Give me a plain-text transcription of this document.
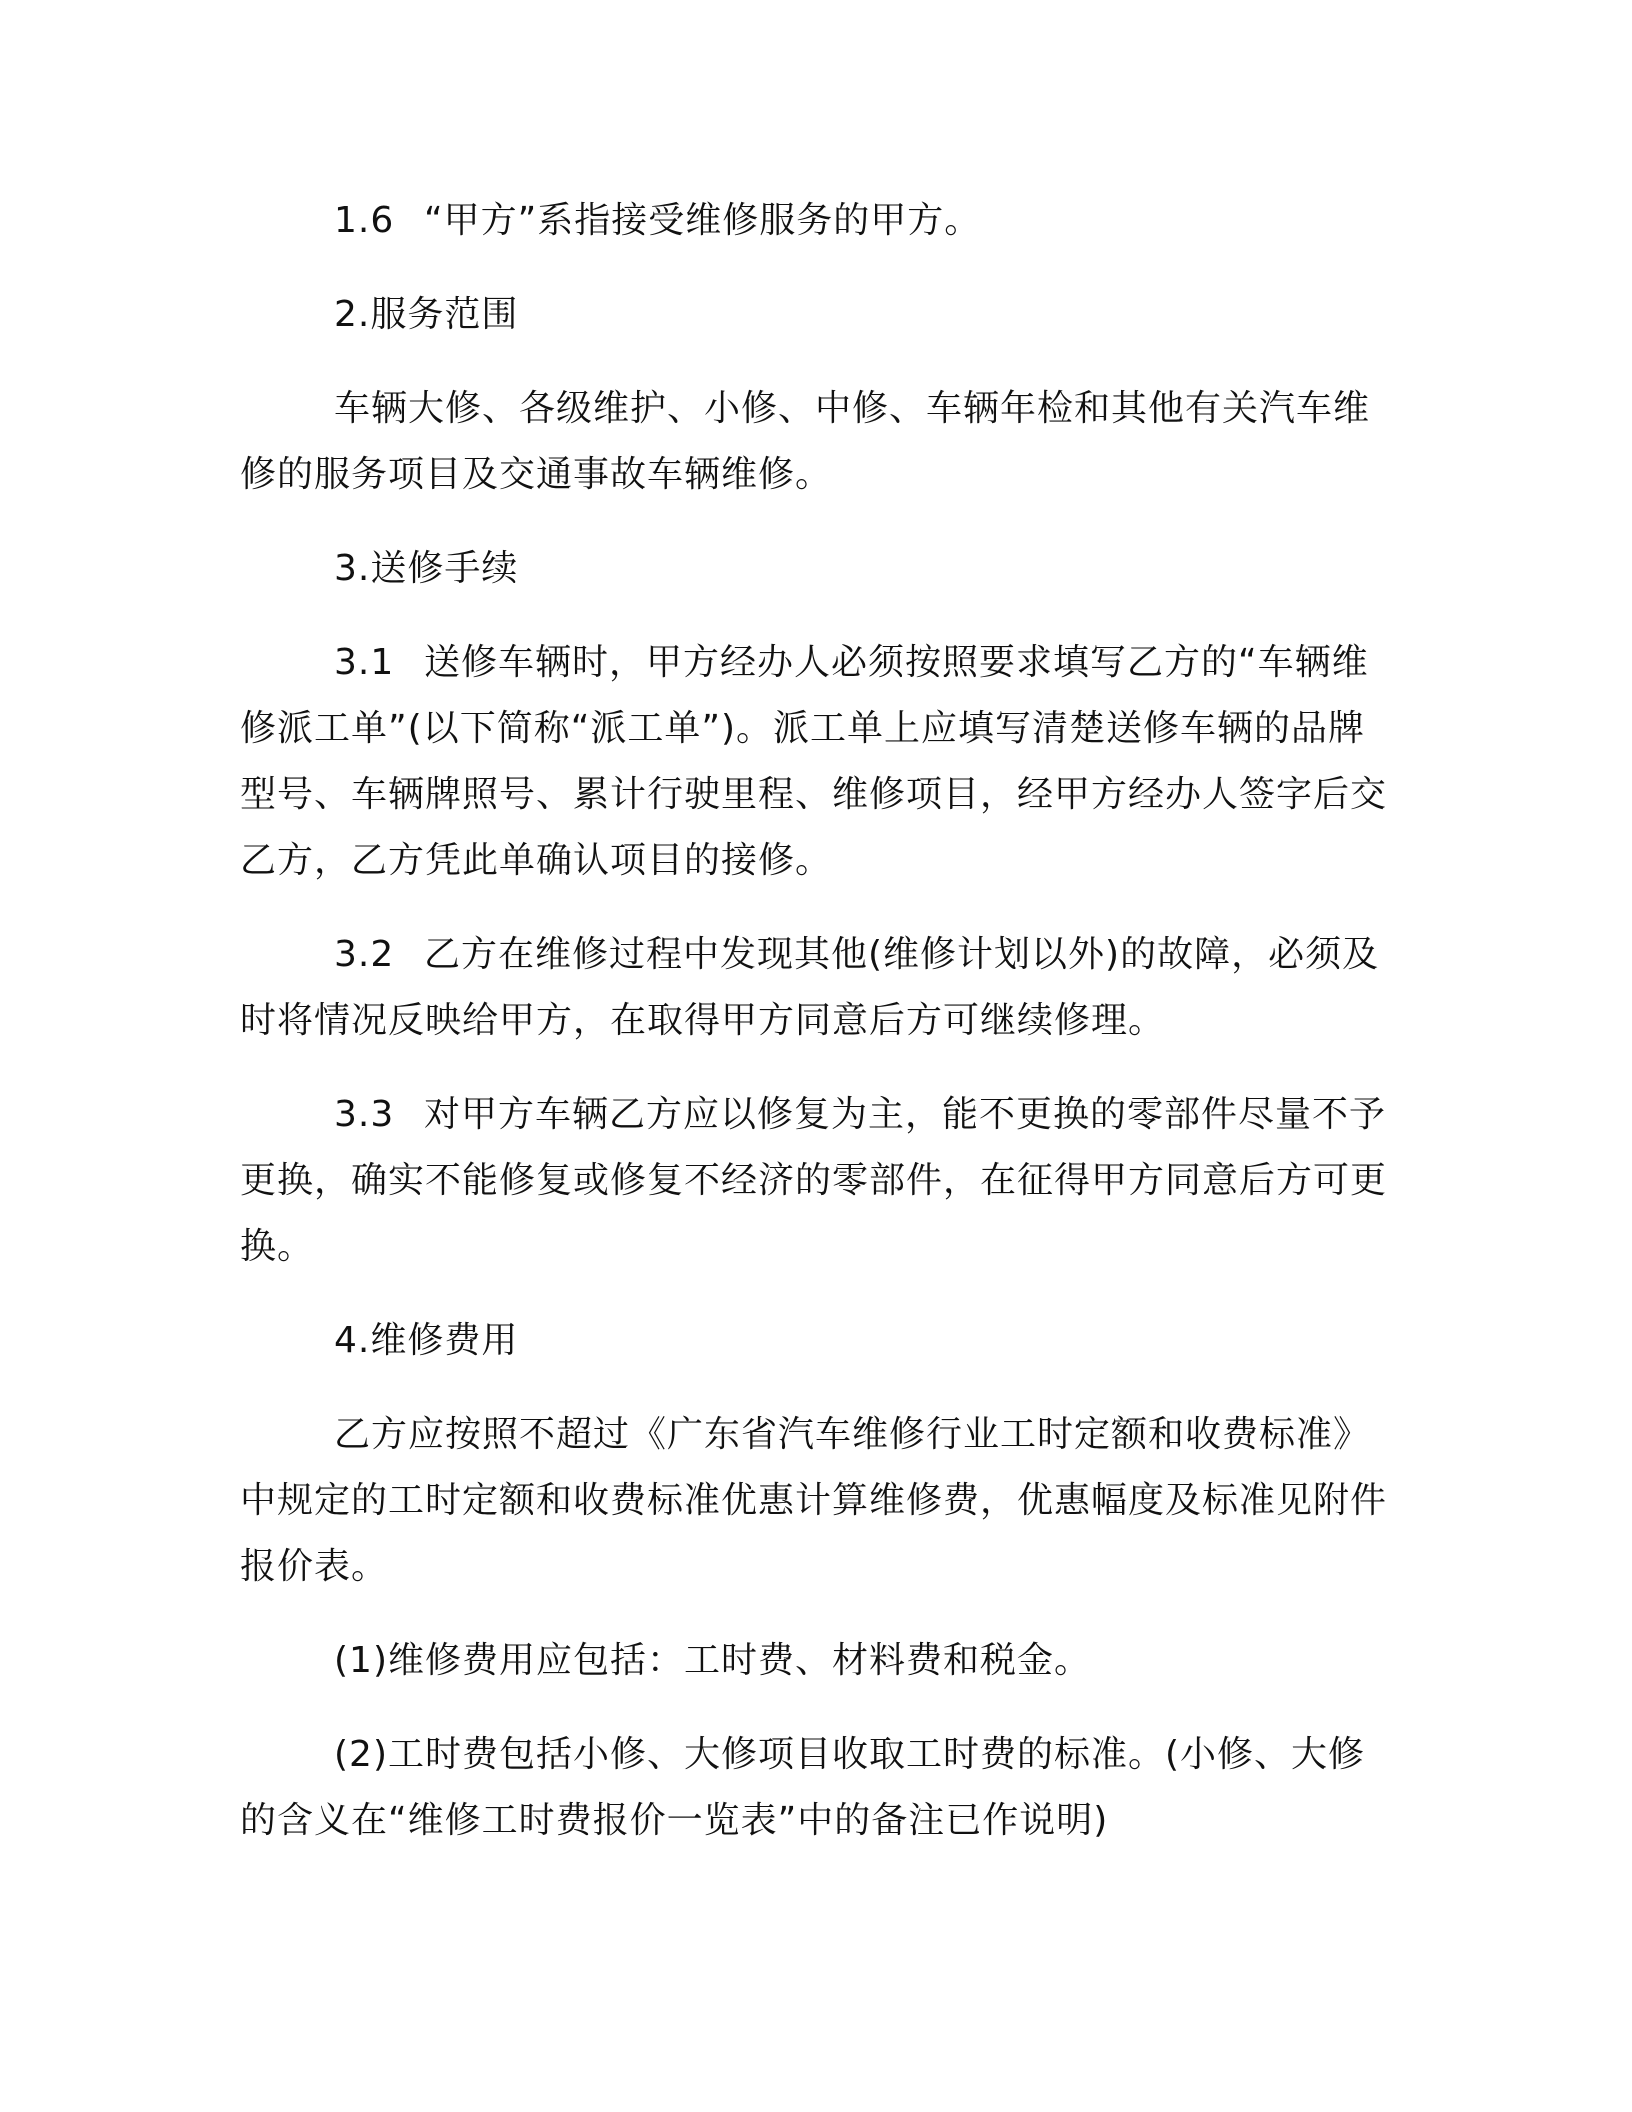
1.6 “甲方”系指接受维修服务的甲方。

2.服务范围

车辆大修、各级维护、小修、中修、车辆年检和其他有关汽车维修的服务项目及交通事故车辆维修。

3.送修手续

3.1 送修车辆时，甲方经办人必须按照要求填写乙方的“车辆维修派工单”(以下简称“派工单”)。派工单上应填写清楚送修车辆的品牌型号、车辆牌照号、累计行驶里程、维修项目，经甲方经办人签字后交乙方，乙方凭此单确认项目的接修。

3.2 乙方在维修过程中发现其他(维修计划以外)的故障，必须及时将情况反映给甲方，在取得甲方同意后方可继续修理。

3.3 对甲方车辆乙方应以修复为主，能不更换的零部件尽量不予更换，确实不能修复或修复不经济的零部件，在征得甲方同意后方可更换。

4.维修费用

乙方应按照不超过《广东省汽车维修行业工时定额和收费标准》中规定的工时定额和收费标准优惠计算维修费，优惠幅度及标准见附件报价表。

(1)维修费用应包括：工时费、材料费和税金。

(2)工时费包括小修、大修项目收取工时费的标准。(小修、大修的含义在“维修工时费报价一览表”中的备注已作说明)
